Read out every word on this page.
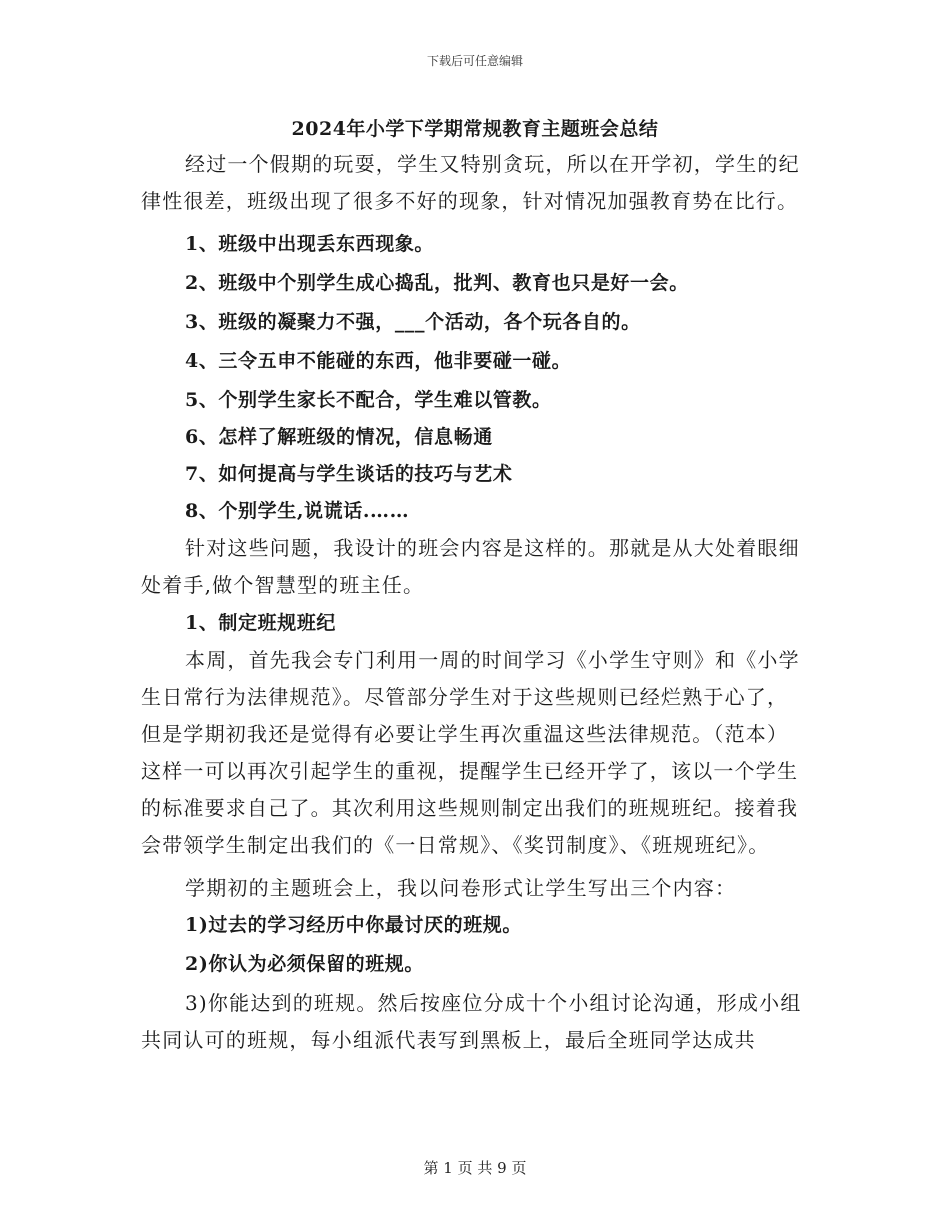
下载后可任意编辑
2024年小学下学期常规教育主题班会总结

经过一个假期的玩耍，学生又特别贪玩，所以在开学初，学生的纪律性很差，班级出现了很多不好的现象，针对情况加强教育势在比行。

1、班级中出现丢东西现象。

2、班级中个别学生成心捣乱，批判、教育也只是好一会。

3、班级的凝聚力不强，___个活动，各个玩各自的。

4、三令五申不能碰的东西，他非要碰一碰。

5、个别学生家长不配合，学生难以管教。

6、怎样了解班级的情况，信息畅通

7、如何提高与学生谈话的技巧与艺术

8、个别学生,说谎话.……

针对这些问题，我设计的班会内容是这样的。那就是从大处着眼细处着手,做个智慧型的班主任。

1、制定班规班纪

本周，首先我会专门利用一周的时间学习《小学生守则》和《小学生日常行为法律规范》。尽管部分学生对于这些规则已经烂熟于心了，但是学期初我还是觉得有必要让学生再次重温这些法律规范。（范本）这样一可以再次引起学生的重视，提醒学生已经开学了，该以一个学生的标准要求自己了。其次利用这些规则制定出我们的班规班纪。接着我会带领学生制定出我们的《一日常规》、《奖罚制度》、《班规班纪》。

学期初的主题班会上，我以问卷形式让学生写出三个内容：

1)过去的学习经历中你最讨厌的班规。

2)你认为必须保留的班规。

3)你能达到的班规。然后按座位分成十个小组讨论沟通，形成小组共同认可的班规，每小组派代表写到黑板上，最后全班同学达成共

第 1 页 共 9 页
